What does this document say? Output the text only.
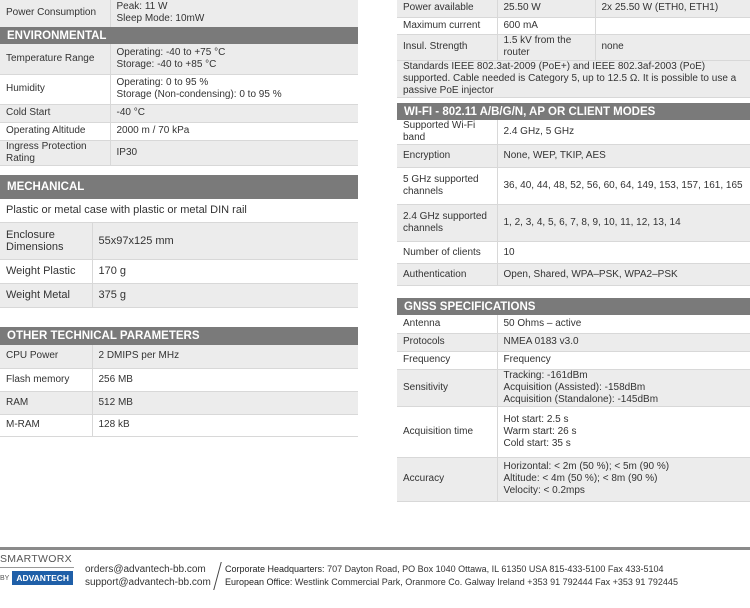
Power Consumption	
Peak: 11 W
Sleep Mode: 10mW
ENVIRONMENTAL
Temperature Range	Operating: -40 to +75 °C
Storage: -40 to +85 °C

Humidity	Operating: 0 to 95 %
Storage (Non-condensing): 0 to 95 %

Cold Start	-40 °C

Operating Altitude	2000 m / 70 kPa

Ingress Protection Rating	IP30
MECHANICAL
Plastic or metal case with plastic or metal DIN rail	
Enclosure Dimensions	55x97x125 mm
Weight Plastic	170 g
Weight Metal	375 g
OTHER TECHNICAL PARAMETERS
CPU Power	2 DMIPS per MHz
Flash memory	256 MB
RAM	512 MB
M-RAM	128 kB
Power available	25.50 W	2x 25.50 W (ETH0, ETH1)
Maximum current	600 mA	
Insul. Strength	1.5 kV from the router	none
Standards IEEE 802.3at-2009 (PoE+) and IEEE 802.3af-2003 (PoE) supported. Cable needed is Category 5, up to 12.5 Ω. It is possible to use a passive PoE injector		
WI-FI - 802.11 A/B/G/N, AP OR CLIENT MODES
Supported Wi-Fi band	2.4 GHz, 5 GHz
Encryption	None, WEP, TKIP, AES
5 GHz supported channels	36, 40, 44, 48, 52, 56, 60, 64, 149, 153, 157, 161, 165
2.4 GHz supported channels	1, 2, 3, 4, 5, 6, 7, 8, 9, 10, 11, 12, 13, 14
Number of clients	10
Authentication	Open, Shared, WPA–PSK, WPA2–PSK
GNSS SPECIFICATIONS
Antenna	50 Ohms – active

Protocols	NMEA 0183 v3.0

Frequency	Frequency

Sensitivity	Tracking: -161dBm
Acquisition (Assisted): -158dBm
Acquisition (Standalone): -145dBm

Acquisition time	Hot start: 2.5 s
Warm start: 26 s
Cold start: 35 s

Accuracy	Horizontal: < 2m (50 %); < 5m (90 %)
Altitude: < 4m (50 %); < 8m (90 %)
Velocity: < 0.2mps
SMARTWORX
BY ADVANTECH
orders@advantech-bb.com
support@advantech-bb.com
Corporate Headquarters: 707 Dayton Road, PO Box 1040 Ottawa, IL 61350 USA 815-433-5100 Fax 433-5104
European Office: Westlink Commercial Park, Oranmore Co. Galway Ireland +353 91 792444 Fax +353 91 792445
